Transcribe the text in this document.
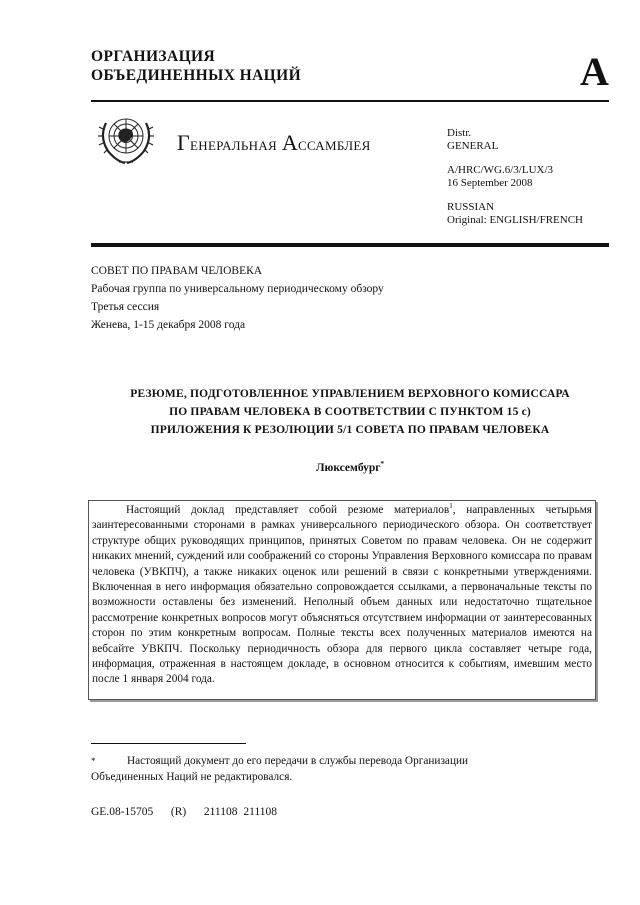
ОРГАНИЗАЦИЯ
ОБЪЕДИНЕННЫХ НАЦИЙ	A
Генеральная Ассамблея
Distr.
GENERAL
A/HRC/WG.6/3/LUX/3
16 September 2008
RUSSIAN
Original: ENGLISH/FRENCH
СОВЕТ ПО ПРАВАМ ЧЕЛОВЕКА
Рабочая группа по универсальному периодическому обзору
Третья сессия
Женева, 1-15 декабря 2008 года
РЕЗЮМЕ, ПОДГОТОВЛЕННОЕ УПРАВЛЕНИЕМ ВЕРХОВНОГО КОМИССАРА
ПО ПРАВАМ ЧЕЛОВЕКА В СООТВЕТСТВИИ С ПУНКТОМ 15 с)
ПРИЛОЖЕНИЯ К РЕЗОЛЮЦИИ 5/1 СОВЕТА ПО ПРАВАМ ЧЕЛОВЕКА
Люксембург*

Настоящий доклад представляет собой резюме материалов$^1$, направленных четырьмя заинтересованными сторонами в рамках универсального периодического обзора. Он соответствует структуре общих руководящих принципов, принятых Советом по правам человека. Он не содержит никаких мнений, суждений или соображений со стороны Управления Верховного комиссара по правам человека (УВКПЧ), а также никаких оценок или решений в связи с конкретными утверждениями. Включенная в него информация обязательно сопровождается ссылками, а первоначальные тексты по возможности оставлены без изменений. Неполный объем данных или недостаточно тщательное рассмотрение конкретных вопросов могут объясняться отсутствием информации от заинтересованных сторон по этим конкретным вопросам. Полные тексты всех полученных материалов имеются на вебсайте УВКПЧ. Поскольку периодичность обзора для первого цикла составляет четыре года, информация, отраженная в настоящем докладе, в основном относится к событиям, имевшим место после 1 января 2004 года.

*	Настоящий документ до его передачи в службы перевода Организации Объединенных Наций не редактировался.
GE.08-15705   (R)   211108 211108
